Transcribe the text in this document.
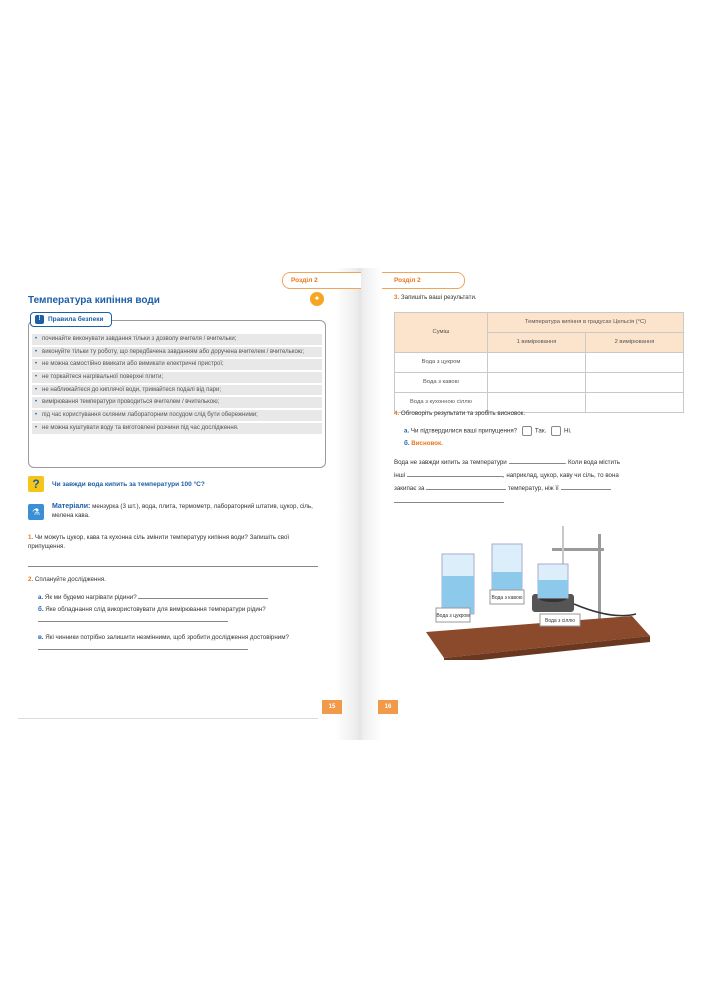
Розділ 2
Температура кипіння води	✦
! Правила безпеки
• починайте виконувати завдання тільки з дозволу вчителя / вчительки;
• виконуйте тільки ту роботу, що передбачена завданням або доручена вчителем / вчителькою;
• не можна самостійно вмикати або вимикати електричні пристрої;
• не торкайтеся нагрівальної поверхні плити;
• не наближайтеся до киплячої води, тримайтеся подалі від пари;
• вимірювання температури проводиться вчителем / вчителькою;
• під час користування скляним лабораторним посудом слід бути обережними;
• не можна куштувати воду та виготовлені розчини під час дослідження.
?	Чи завжди вода кипить за температури 100 °С?
⚗
Матеріали: мензурка (3 шт.), вода, плита, термометр, лабораторний штатив, цукор, сіль, мелена кава.
1. Чи можуть цукор, кава та кухонна сіль змінити температуру кипіння води? Запишіть свої припущення.
2. Сплануйте дослідження.
а. Як ми будемо нагрівати рідини?
б. Яке обладнання слід використовувати для вимірювання температури рідин?
в. Які чинники потрібно залишити незмінними, щоб зробити дослідження достовірним?
15
Розділ 2
3. Запишіть ваші результати.
Суміш	Температура кипіння в градусах Цельсія (°С)	
	1 вимірювання	2 вимірювання
Вода з цукром		
Вода з кавою		
Вода з кухонною сіллю		
4. Обговоріть результати та зробіть висновок.
а. Чи підтвердилися ваші припущення?	Так.	Ні.
б. Висновок.
Вода не завжди кипить за температури	. Коли вода містить
інші	, наприклад, цукор, каву чи сіль, то вона
закипає за	температур, ніж її

Вода з цукром
Вода з кавою
Вода з сіллю
16
